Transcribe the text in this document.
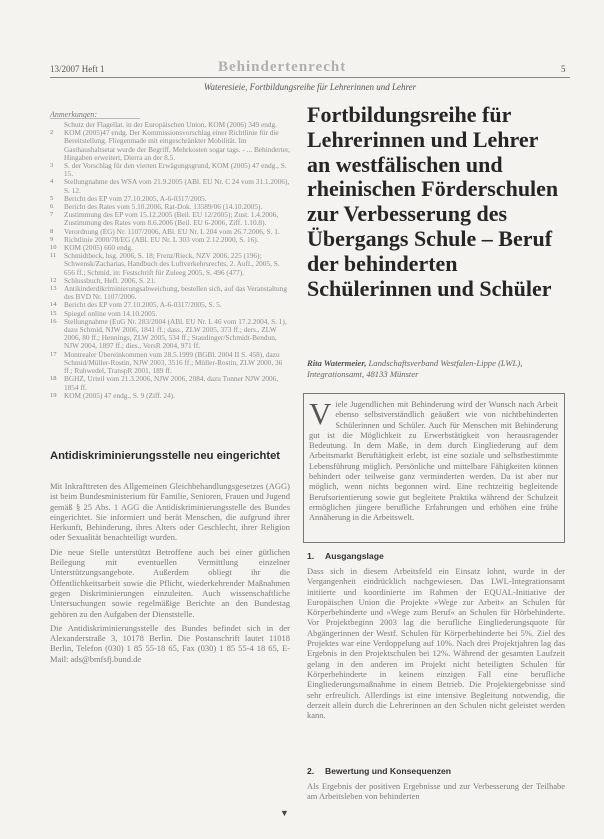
13/2007 Heft 1	Behindertenrecht	5
Wateresieie, Fortbildungsreihe für Lehrerinnen und Lehrer
Anmerkungen:
Schutz der Flagellat. in der Europäischen Union, KOM (2006) 349 endg.
2	KOM (2005)47 endg. Der Kommissionsvorschlag einer Richtlinie für die Bereitstellung. Fliegenmade mit eingeschränkter Mobilität. Im Gasthaushaltsetat wurde der Begriff, Mehrkosten sogar tags. - ... Behinderter, Hingaben erweitert, Dierra an der 8.5.
3	S. der Vorschlag für den vierten Erwägungsgrund, KOM (2005) 47 endg., S. 15.
4	Stellungnahme des WSA vom 21.9.2005 (ABl. EU Nr. C 24 vom 31.1.2006), S. 12.
5	Bericht des EP vom 27.10.2005, A-6-0317/2005.
6	Bericht des Rates vom 5.10.2006, Rat-Dok. 13589/06 (14.10.2005).
7	Zustimmung des EP vom 15.12.2005 (Beil. EU 12/2005); Zust. 1.4.2006, Zustimmung des Rates vom 8.6.2006 (Beil. EU 6-2006, Ziff. 1.10.8).
8	Verordnung (EG) Nr. 1107/2006, ABl. EU Nr. L 204 vom 26.7.2006, S. 1.
9	Richtlinie 2000/78/EG (ABl. EU Nr. L 303 vom 2.12.2000, S. 16).
10	KOM (2005) 660 endg.
11	Schmidtbeck, hsg. 2006, S. 18; Frenz/Rieck, NZV 2006, 225 (196); Schwensk/Zacharias, Handbuch des Luftverkehrsrechts, 2. Aufl., 2005, S. 656 ff.; Schmid, in: Festschrift für Zuleeg 2005, S. 496 (477).
12	Schlussbuch, Hefl. 2006, S. 21.
13	Antikinderdikriminierungsabweichung, bestellen sich, auf das Veranstaltung des BVD Nr. 1107/2006.
14	Bericht des EP vom 27.10.2005, A-6-0317/2005, S. 5.
15	Spiegel online vom 14.10.2005.
16	Stellungnahme (EuG Nr. 283/2004 (ABl. EU Nr. L 46 vom 17.2.2004, S. 1), dazu Schmid, NJW 2006, 1841 ff.; dass., ZLW 2005, 373 ff.; ders., ZLW 2006, 80 ff.; Hennings, ZLW 2005, 534 ff.; Staudinger/Schmidt-Bendun, NJW 2004, 1897 ff.; dies., VersR 2004, 971 ff.
17	Montrealer Übereinkommen vom 28.5.1999 (BGBl. 2004 II S. 458), dazu Schmid/Müller-Rostin, NJW 2003, 3516 ff.; Müller-Rostin, ZLW 2000, 36 ff.; Ruhwedel, TranspR 2001, 189 ff.
18	BGHZ, Urteil vom 21.3.2006, NJW 2006, 2084, dazu Tonner NJW 2006, 1854 ff.
19	KOM (2005) 47 endg., S. 9 (Ziff. 24).
Antidiskriminierungsstelle neu eingerichtet

Mit Inkrafttreten des Allgemeinen Gleichbehandlungsgesetzes (AGG) ist beim Bundesministerium für Familie, Senioren, Frauen und Jugend gemäß § 25 Abs. 1 AGG die Antidiskriminierungsstelle des Bundes eingerichtet. Sie informiert und berät Menschen, die aufgrund ihrer Herkunft, Behinderung, ihres Alters oder Geschlecht, ihrer Religion oder Sexualität benachteiligt wurden.

Die neue Stelle unterstützt Betroffene auch bei einer gütlichen Beilegung mit eventuellen Vermittlung einzelner Unterstützungsangebote. Außerdem obliegt ihr die Öffentlichkeitsarbeit sowie die Pflicht, wiederkehrender Maßnahmen gegen Diskriminierungen einzuleiten. Auch wissenschaftliche Untersuchungen sowie regelmäßige Berichte an den Bundestag gehören zu den Aufgaben der Dienststelle.

Die Antidiskriminierungsstelle des Bundes befindet sich in der Alexanderstraße 3, 10178 Berlin. Die Postanschrift lautet 11018 Berlin, Telefon (030) 1 85 55-18 65, Fax (030) 1 85 55-4 18 65, E-Mail: ads@bmfsfj.bund.de

Fortbildungsreihe für Lehrerinnen und Lehrer an westfälischen und rheinischen Förderschulen zur Verbesserung des Übergangs Schule – Beruf der behinderten Schülerinnen und Schüler
Rita Watermeier, Landschaftsverband Westfalen-Lippe (LWL), Integrationsamt, 48133 Münster

Viele Jugendlichen mit Behinderung wird der Wunsch nach Arbeit ebenso selbstverständlich geäußert wie von nichtbehinderten Schülerinnen und Schüler. Auch für Menschen mit Behinderung gut ist die Möglichkeit zu Erwerbstätigkeit von herausragender Bedeutung. In dem Maße, in dem durch Eingliederung auf dem Arbeitsmarkt Beruftätigkeit erlebt, ist eine soziale und selbstbestimmte Lebensführung möglich. Persönliche und mittelbare Fähigkeiten können behindert oder teilweise ganz verminderten werden. Da ist aber nur möglich, wenn nichts begonnen wird. Eine rechtzeitig begleitende Berufsorientierung sowie gut begleitete Praktika während der Schulzeit ermöglichen jüngere berufliche Erfahrungen und erhöhen eine frühe Annäherung in die Arbeitswelt.

1. Ausgangslage

Dass sich in diesem Arbeitsfeld ein Einsatz lohnt, wurde in der Vergangenheit eindrücklich nachgewiesen. Das LWL-Integrationsamt initiierte und koordinierte im Rahmen der EQUAL-Initiative der Europäischen Union die Projekte »Wege zur Arbeit« an Schulen für Körperbehinderte und »Wege zum Beruf« an Schulen für Hörbehinderte. Vor Projektbeginn 2003 lag die berufliche Eingliederungsquote für Abgängerinnen der Westf. Schulen für Körperbehinderte bei 5%. Ziel des Projektes war eine Verdoppelung auf 10%. Nach drei Projektjahren lag das Ergebnis in den Projektschulen bei 12%. Während der gesamten Laufzeit gelang in den anderen im Projekt nicht beteiligten Schulen für Körperbehinderte in keinem einzigen Fall eine berufliche Eingliederungsmaßnahme in einem Betrieb. Die Projektergebnisse sind sehr erfreulich. Allerdings ist eine intensive Begleitung notwendig, die derzeit allein durch die Lehrerinnen an den Schulen nicht geleistet werden kann.

2. Bewertung und Konsequenzen

Als Ergebnis der positiven Ergebnisse und zur Verbesserung der Teilhabe am Arbeitsleben von behinderten

▼
